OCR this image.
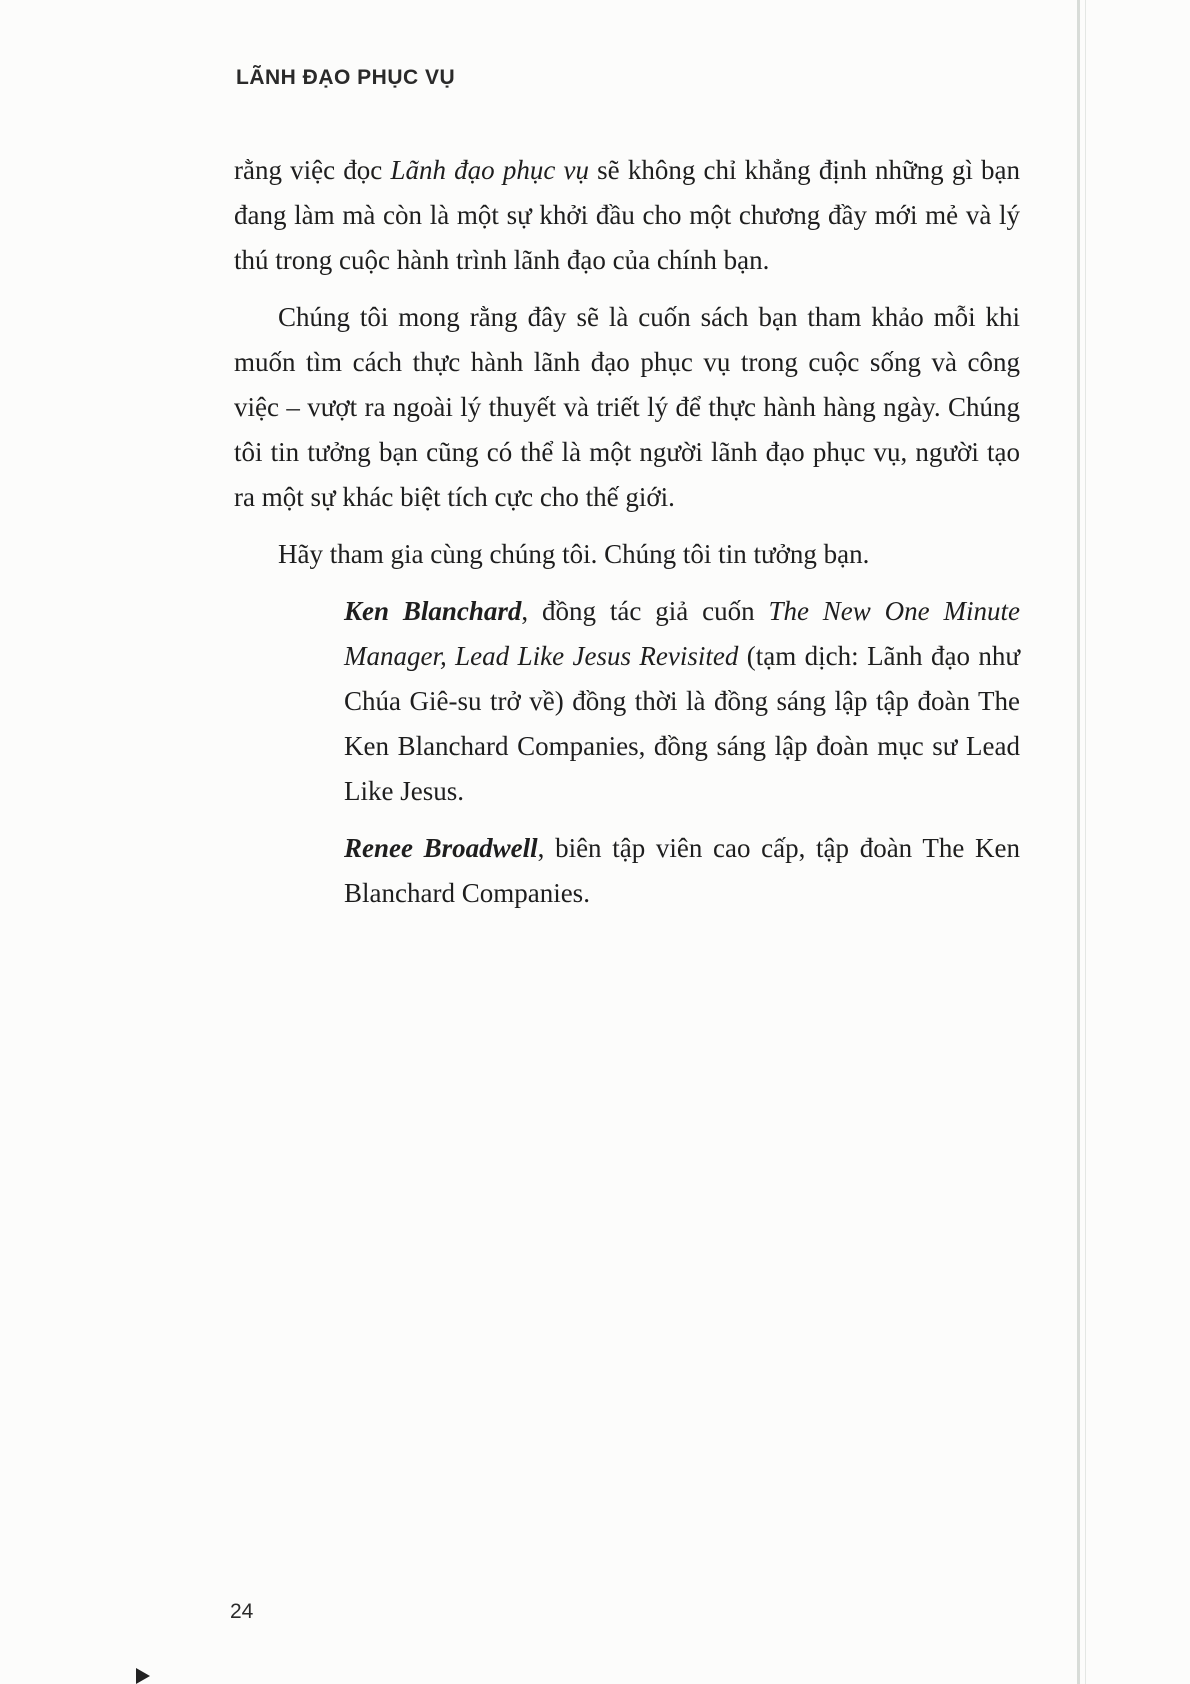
LÃNH ĐẠO PHỤC VỤ

rằng việc đọc Lãnh đạo phục vụ sẽ không chỉ khẳng định những gì bạn đang làm mà còn là một sự khởi đầu cho một chương đầy mới mẻ và lý thú trong cuộc hành trình lãnh đạo của chính bạn.

Chúng tôi mong rằng đây sẽ là cuốn sách bạn tham khảo mỗi khi muốn tìm cách thực hành lãnh đạo phục vụ trong cuộc sống và công việc – vượt ra ngoài lý thuyết và triết lý để thực hành hàng ngày. Chúng tôi tin tưởng bạn cũng có thể là một người lãnh đạo phục vụ, người tạo ra một sự khác biệt tích cực cho thế giới.

Hãy tham gia cùng chúng tôi. Chúng tôi tin tưởng bạn.

Ken Blanchard, đồng tác giả cuốn The New One Minute Manager, Lead Like Jesus Revisited (tạm dịch: Lãnh đạo như Chúa Giê-su trở về) đồng thời là đồng sáng lập tập đoàn The Ken Blanchard Companies, đồng sáng lập đoàn mục sư Lead Like Jesus.

Renee Broadwell, biên tập viên cao cấp, tập đoàn The Ken Blanchard Companies.

24
